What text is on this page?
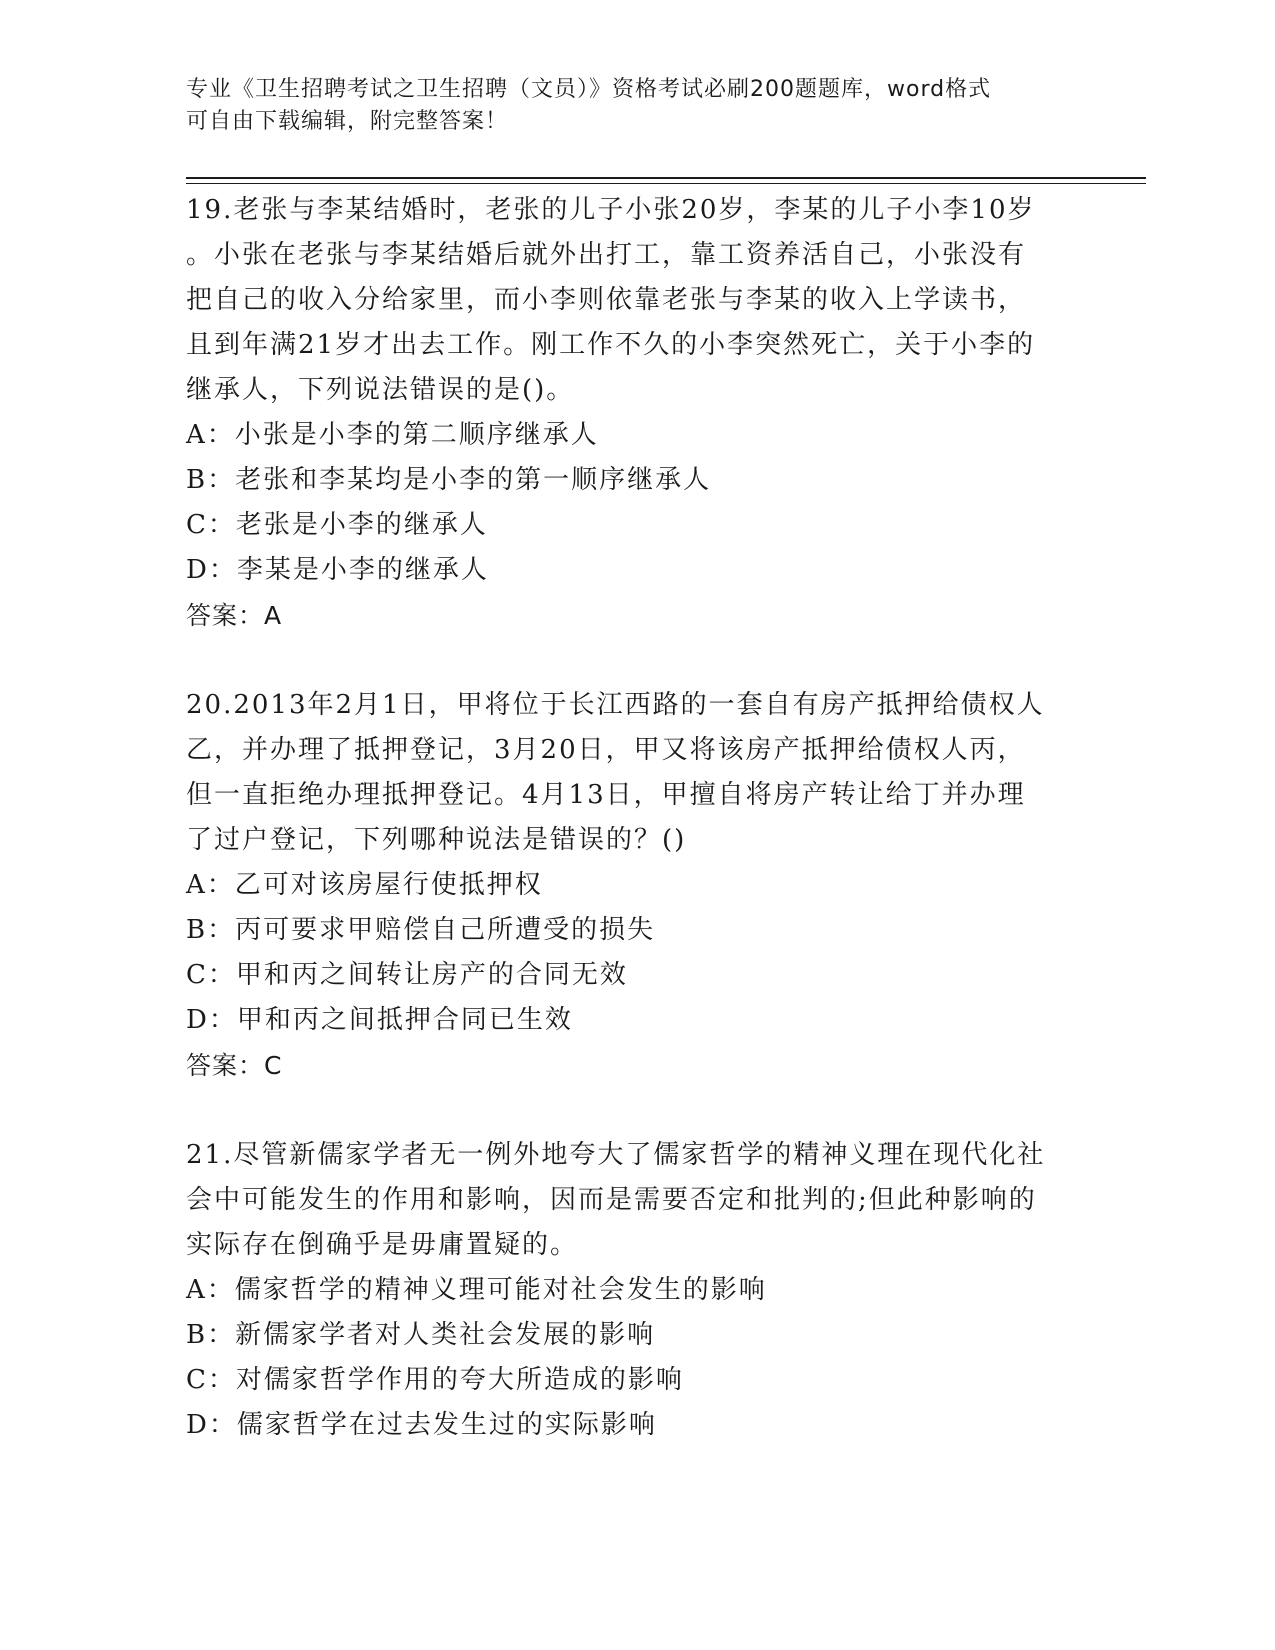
专业《卫生招聘考试之卫生招聘（文员）》资格考试必刷200题题库，word格式
可自由下载编辑，附完整答案！
19.老张与李某结婚时，老张的儿子小张20岁，李某的儿子小李10岁
。小张在老张与李某结婚后就外出打工，靠工资养活自己，小张没有
把自己的收入分给家里，而小李则依靠老张与李某的收入上学读书，
且到年满21岁才出去工作。刚工作不久的小李突然死亡，关于小李的
继承人，下列说法错误的是()。
A：小张是小李的第二顺序继承人
B：老张和李某均是小李的第一顺序继承人
C：老张是小李的继承人
D：李某是小李的继承人
答案：A
20.2013年2月1日，甲将位于长江西路的一套自有房产抵押给债权人
乙，并办理了抵押登记，3月20日，甲又将该房产抵押给债权人丙，
但一直拒绝办理抵押登记。4月13日，甲擅自将房产转让给丁并办理
了过户登记，下列哪种说法是错误的？()
A：乙可对该房屋行使抵押权
B：丙可要求甲赔偿自己所遭受的损失
C：甲和丙之间转让房产的合同无效
D：甲和丙之间抵押合同已生效
答案：C
21.尽管新儒家学者无一例外地夸大了儒家哲学的精神义理在现代化社
会中可能发生的作用和影响，因而是需要否定和批判的;但此种影响的
实际存在倒确乎是毋庸置疑的。
A：儒家哲学的精神义理可能对社会发生的影响
B：新儒家学者对人类社会发展的影响
C：对儒家哲学作用的夸大所造成的影响
D：儒家哲学在过去发生过的实际影响
